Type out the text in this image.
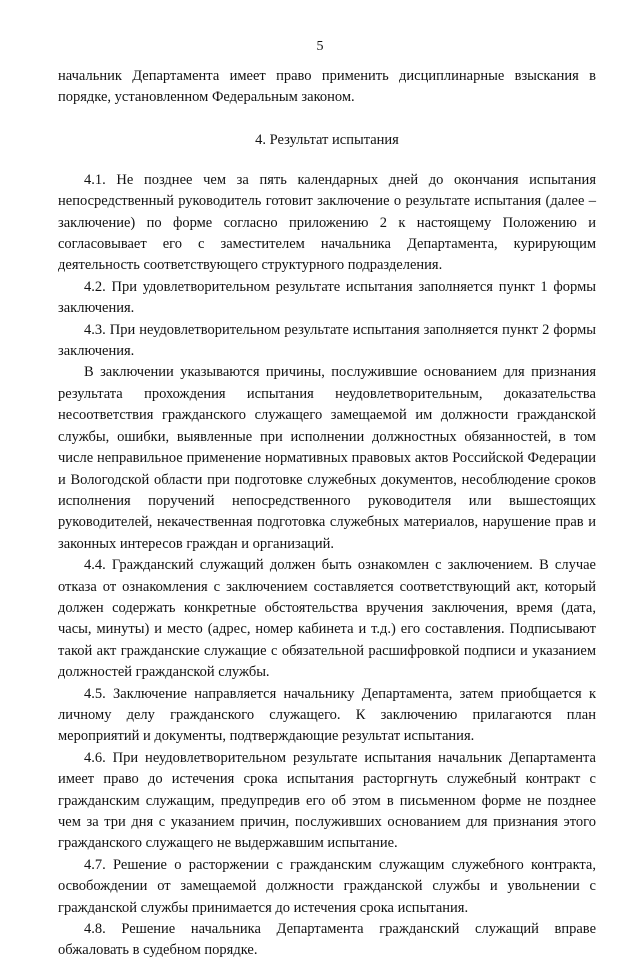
5

начальник Департамента имеет право применить дисциплинарные взыскания в порядке, установленном Федеральным законом.

4. Результат испытания

4.1. Не позднее чем за пять календарных дней до окончания испытания непосредственный руководитель готовит заключение о результате испытания (далее – заключение) по форме согласно приложению 2 к настоящему Положению и согласовывает его с заместителем начальника Департамента, курирующим деятельность соответствующего структурного подразделения.

4.2. При удовлетворительном результате испытания заполняется пункт 1 формы заключения.

4.3. При неудовлетворительном результате испытания заполняется пункт 2 формы заключения.

В заключении указываются причины, послужившие основанием для признания результата прохождения испытания неудовлетворительным, доказательства несоответствия гражданского служащего замещаемой им должности гражданской службы, ошибки, выявленные при исполнении должностных обязанностей, в том числе неправильное применение нормативных правовых актов Российской Федерации и Вологодской области при подготовке служебных документов, несоблюдение сроков исполнения поручений непосредственного руководителя или вышестоящих руководителей, некачественная подготовка служебных материалов, нарушение прав и законных интересов граждан и организаций.

4.4. Гражданский служащий должен быть ознакомлен с заключением. В случае отказа от ознакомления с заключением составляется соответствующий акт, который должен содержать конкретные обстоятельства вручения заключения, время (дата, часы, минуты) и место (адрес, номер кабинета и т.д.) его составления. Подписывают такой акт гражданские служащие с обязательной расшифровкой подписи и указанием должностей гражданской службы.

4.5. Заключение направляется начальнику Департамента, затем приобщается к личному делу гражданского служащего. К заключению прилагаются план мероприятий и документы, подтверждающие результат испытания.

4.6. При неудовлетворительном результате испытания начальник Департамента имеет право до истечения срока испытания расторгнуть служебный контракт с гражданским служащим, предупредив его об этом в письменном форме не позднее чем за три дня с указанием причин, послуживших основанием для признания этого гражданского служащего не выдержавшим испытание.

4.7. Решение о расторжении с гражданским служащим служебного контракта, освобождении от замещаемой должности гражданской службы и увольнении с гражданской службы принимается до истечения срока испытания.

4.8. Решение начальника Департамента гражданский служащий вправе обжаловать в судебном порядке.
